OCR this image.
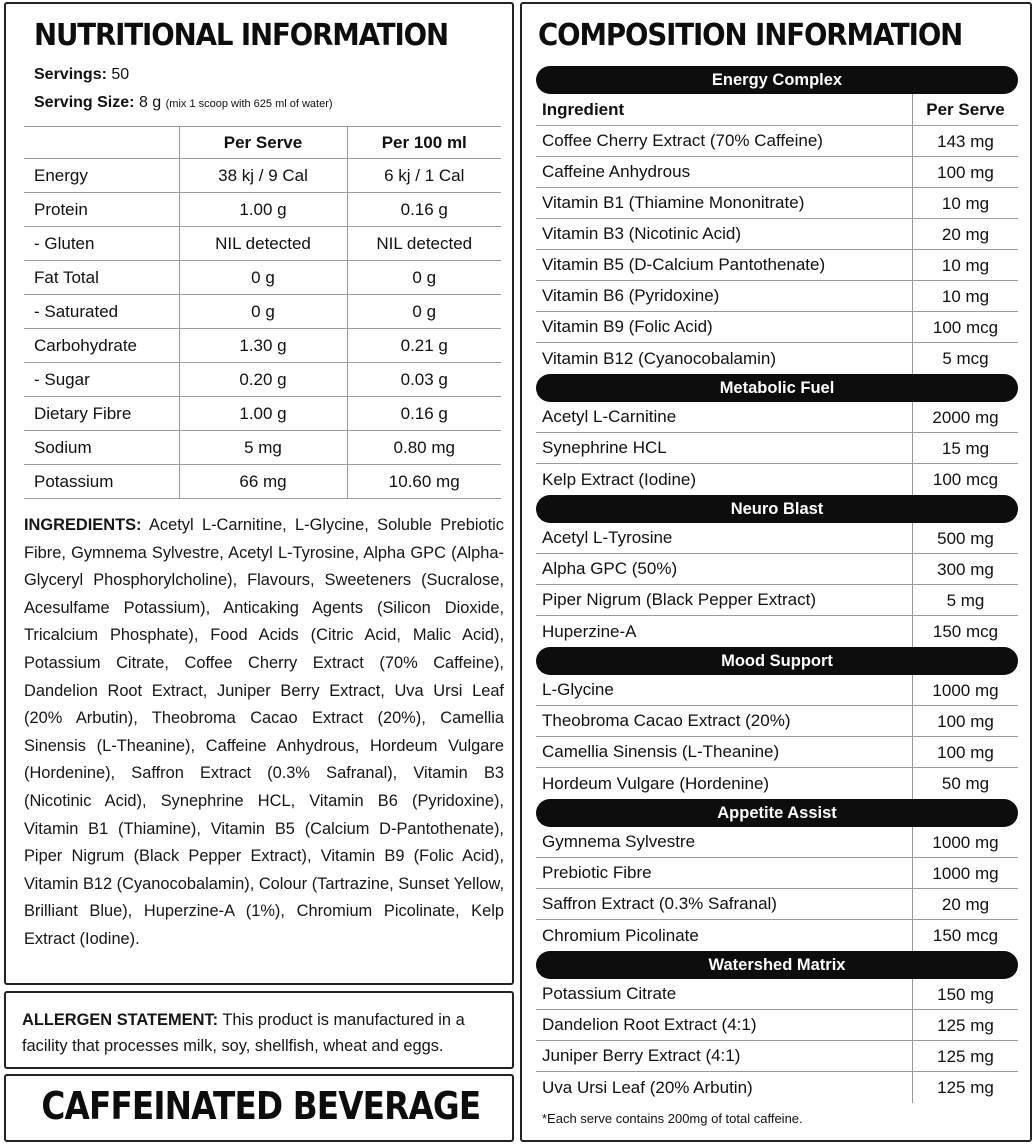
NUTRITIONAL INFORMATION
Servings: 50
Serving Size: 8 g (mix 1 scoop with 625 ml of water)
	Per Serve	Per 100 ml
Energy	38 kj / 9 Cal	6 kj / 1 Cal
Protein	1.00 g	0.16 g
- Gluten	NIL detected	NIL detected
Fat Total	0 g	0 g
- Saturated	0 g	0 g
Carbohydrate	1.30 g	0.21 g
- Sugar	0.20 g	0.03 g
Dietary Fibre	1.00 g	0.16 g
Sodium	5 mg	0.80 mg
Potassium	66 mg	10.60 mg
INGREDIENTS: Acetyl L-Carnitine, L-Glycine, Soluble Prebiotic Fibre, Gymnema Sylvestre, Acetyl L-Tyrosine, Alpha GPC (Alpha-Glyceryl Phosphorylcholine), Flavours, Sweeteners (Sucralose, Acesulfame Potassium), Anticaking Agents (Silicon Dioxide, Tricalcium Phosphate), Food Acids (Citric Acid, Malic Acid), Potassium Citrate, Coffee Cherry Extract (70% Caffeine), Dandelion Root Extract, Juniper Berry Extract, Uva Ursi Leaf (20% Arbutin), Theobroma Cacao Extract (20%), Camellia Sinensis (L-Theanine), Caffeine Anhydrous, Hordeum Vulgare (Hordenine), Saffron Extract (0.3% Safranal), Vitamin B3 (Nicotinic Acid), Synephrine HCL, Vitamin B6 (Pyridoxine), Vitamin B1 (Thiamine), Vitamin B5 (Calcium D-Pantothenate), Piper Nigrum (Black Pepper Extract), Vitamin B9 (Folic Acid), Vitamin B12 (Cyanocobalamin), Colour (Tartrazine, Sunset Yellow, Brilliant Blue), Huperzine-A (1%), Chromium Picolinate, Kelp Extract (Iodine).
ALLERGEN STATEMENT: This product is manufactured in a facility that processes milk, soy, shellfish, wheat and eggs.
CAFFEINATED BEVERAGE
COMPOSITION INFORMATION
Energy Complex
Ingredient	Per Serve
Coffee Cherry Extract (70% Caffeine)	143 mg
Caffeine Anhydrous	100 mg
Vitamin B1 (Thiamine Mononitrate)	10 mg
Vitamin B3 (Nicotinic Acid)	20 mg
Vitamin B5 (D-Calcium Pantothenate)	10 mg
Vitamin B6 (Pyridoxine)	10 mg
Vitamin B9 (Folic Acid)	100 mcg
Vitamin B12 (Cyanocobalamin)	5 mcg
Metabolic Fuel
Acetyl L-Carnitine	2000 mg
Synephrine HCL	15 mg
Kelp Extract (Iodine)	100 mcg
Neuro Blast
Acetyl L-Tyrosine	500 mg
Alpha GPC (50%)	300 mg
Piper Nigrum (Black Pepper Extract)	5 mg
Huperzine-A	150 mcg
Mood Support
L-Glycine	1000 mg
Theobroma Cacao Extract (20%)	100 mg
Camellia Sinensis (L-Theanine)	100 mg
Hordeum Vulgare (Hordenine)	50 mg
Appetite Assist
Gymnema Sylvestre	1000 mg
Prebiotic Fibre	1000 mg
Saffron Extract (0.3% Safranal)	20 mg
Chromium Picolinate	150 mcg
Watershed Matrix
Potassium Citrate	150 mg
Dandelion Root Extract (4:1)	125 mg
Juniper Berry Extract (4:1)	125 mg
Uva Ursi Leaf (20% Arbutin)	125 mg
*Each serve contains 200mg of total caffeine.
